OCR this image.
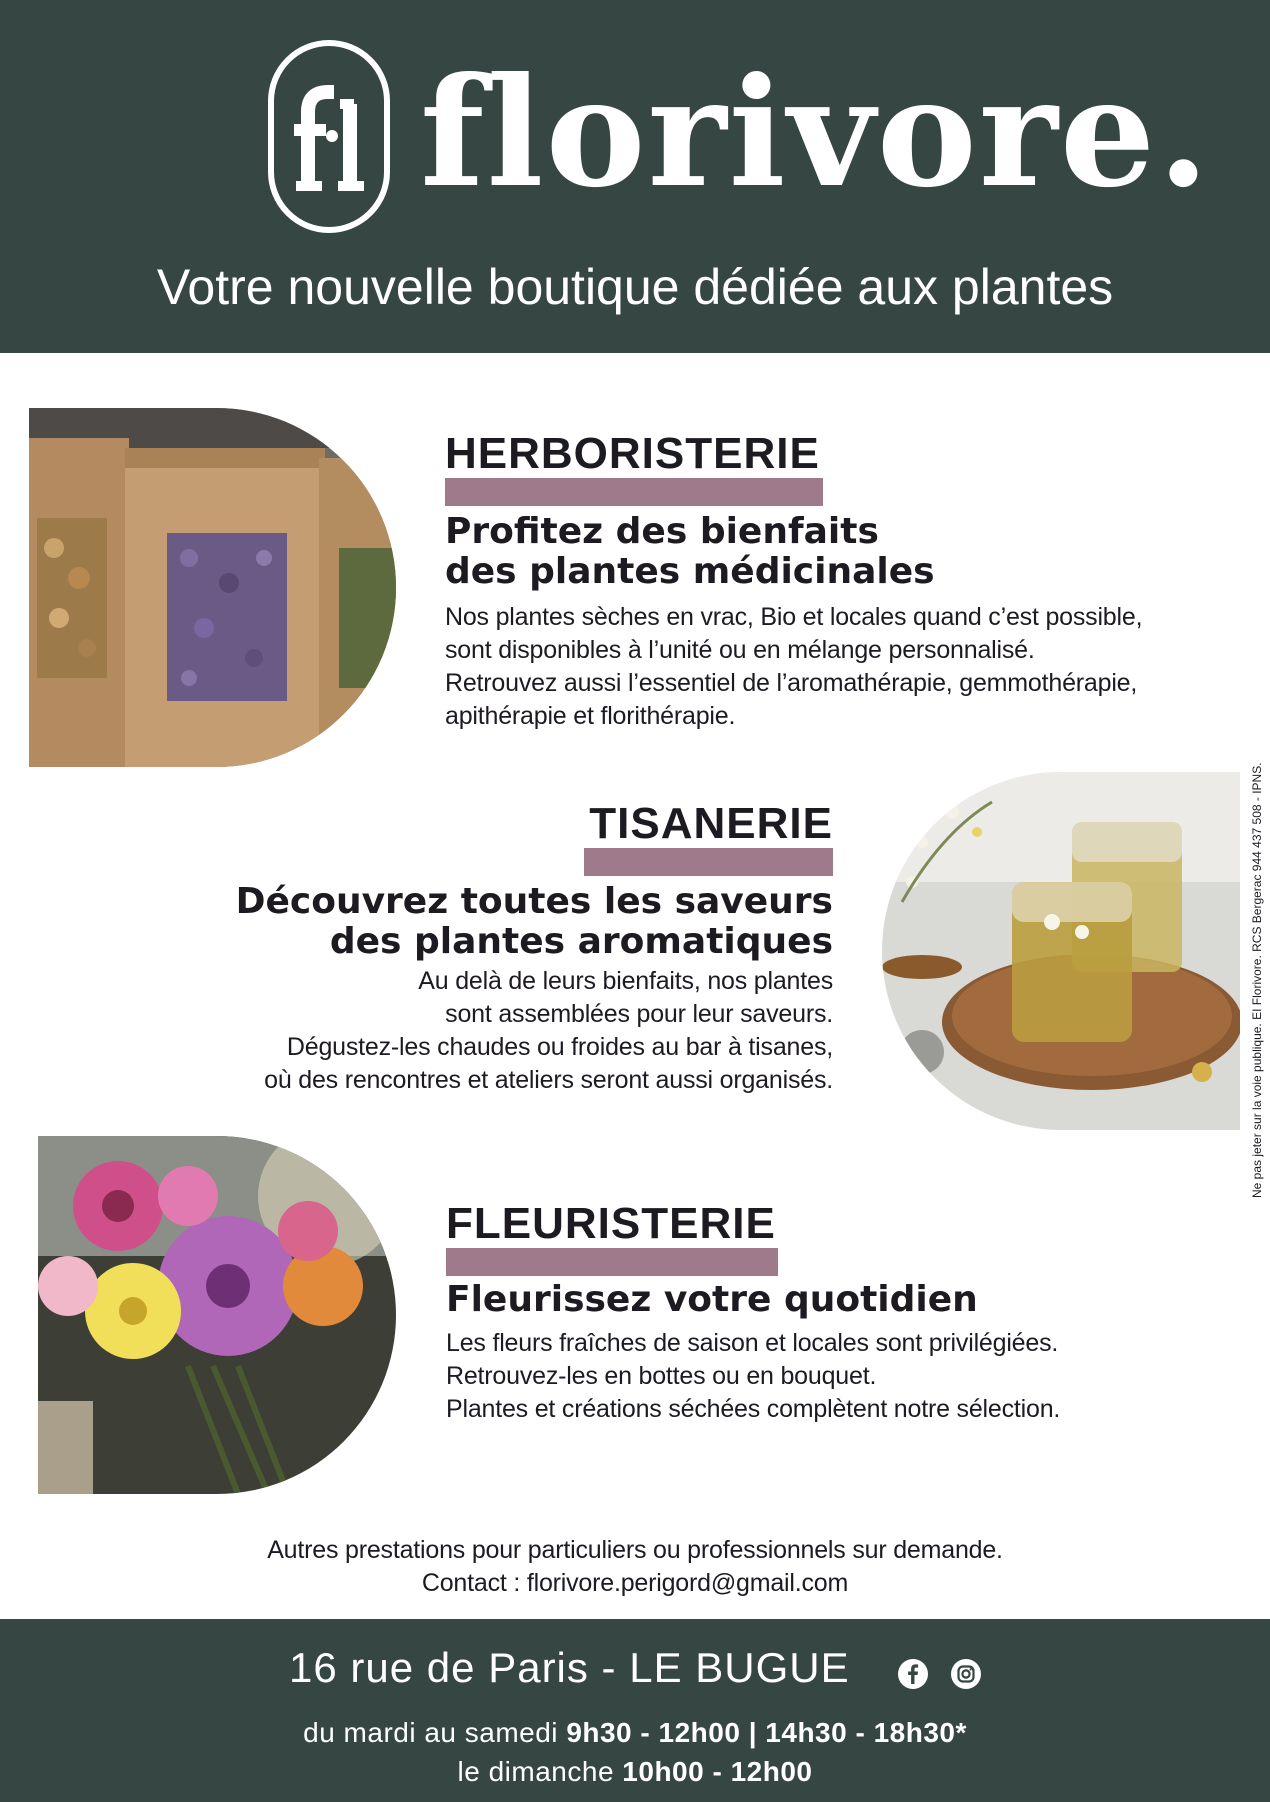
florivore.
Votre nouvelle boutique dédiée aux plantes
HERBORISTERIE
Profitez des bienfaits
des plantes médicinales
Nos plantes sèches en vrac, Bio et locales quand c’est possible,
sont disponibles à l’unité ou en mélange personnalisé.
Retrouvez aussi l’essentiel de l’aromathérapie, gemmothérapie,
apithérapie et florithérapie.
TISANERIE
Découvrez toutes les saveurs
des plantes aromatiques
Au delà de leurs bienfaits, nos plantes
sont assemblées pour leur saveurs.
Dégustez-les chaudes ou froides au bar à tisanes,
où des rencontres et ateliers seront aussi organisés.
FLEURISTERIE
Fleurissez votre quotidien
Les fleurs fraîches de saison et locales sont privilégiées.
Retrouvez-les en bottes ou en bouquet.
Plantes et créations séchées complètent notre sélection.
Ne pas jeter sur la voie publique. EI Florivore. RCS Bergerac 944 437 508 - IPNS.
Autres prestations pour particuliers ou professionnels sur demande.
Contact : florivore.perigord@gmail.com
16 rue de Paris - LE BUGUE
du mardi au samedi 9h30 - 12h00 | 14h30 - 18h30*
le dimanche 10h00 - 12h00
